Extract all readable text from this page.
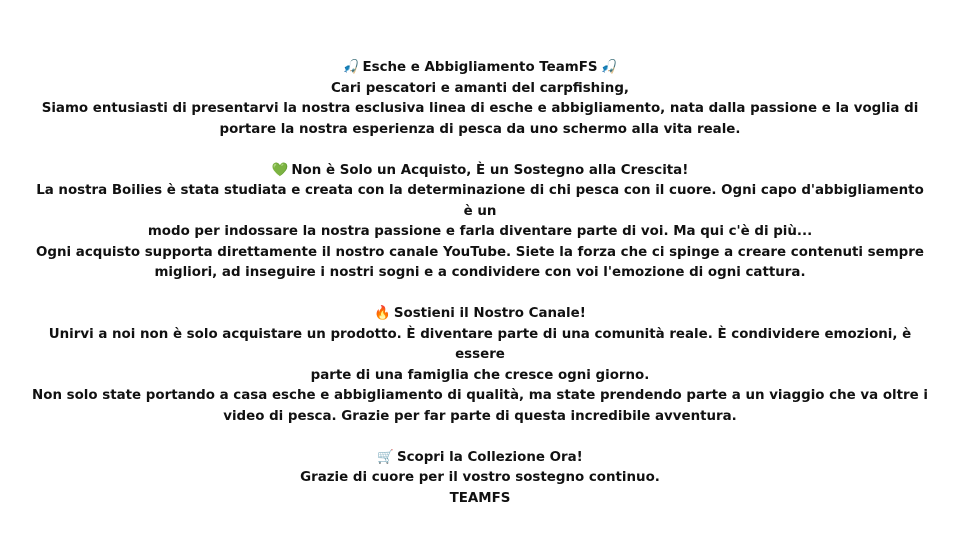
🎣 Esche e Abbigliamento TeamFS 🎣
Cari pescatori e amanti del carpfishing,
Siamo entusiasti di presentarvi la nostra esclusiva linea di esche e abbigliamento, nata dalla passione e la voglia di
portare la nostra esperienza di pesca da uno schermo alla vita reale.
💚 Non è Solo un Acquisto, È un Sostegno alla Crescita!
La nostra Boilies è stata studiata e creata con la determinazione di chi pesca con il cuore. Ogni capo d'abbigliamento è un
modo per indossare la nostra passione e farla diventare parte di voi. Ma qui c'è di più...
Ogni acquisto supporta direttamente il nostro canale YouTube. Siete la forza che ci spinge a creare contenuti sempre
migliori, ad inseguire i nostri sogni e a condividere con voi l'emozione di ogni cattura.
🔥 Sostieni il Nostro Canale!
Unirvi a noi non è solo acquistare un prodotto. È diventare parte di una comunità reale. È condividere emozioni, è essere
parte di una famiglia che cresce ogni giorno.
Non solo state portando a casa esche e abbigliamento di qualità, ma state prendendo parte a un viaggio che va oltre i
video di pesca. Grazie per far parte di questa incredibile avventura.
🛒 Scopri la Collezione Ora!
Grazie di cuore per il vostro sostegno continuo.
TEAMFS
